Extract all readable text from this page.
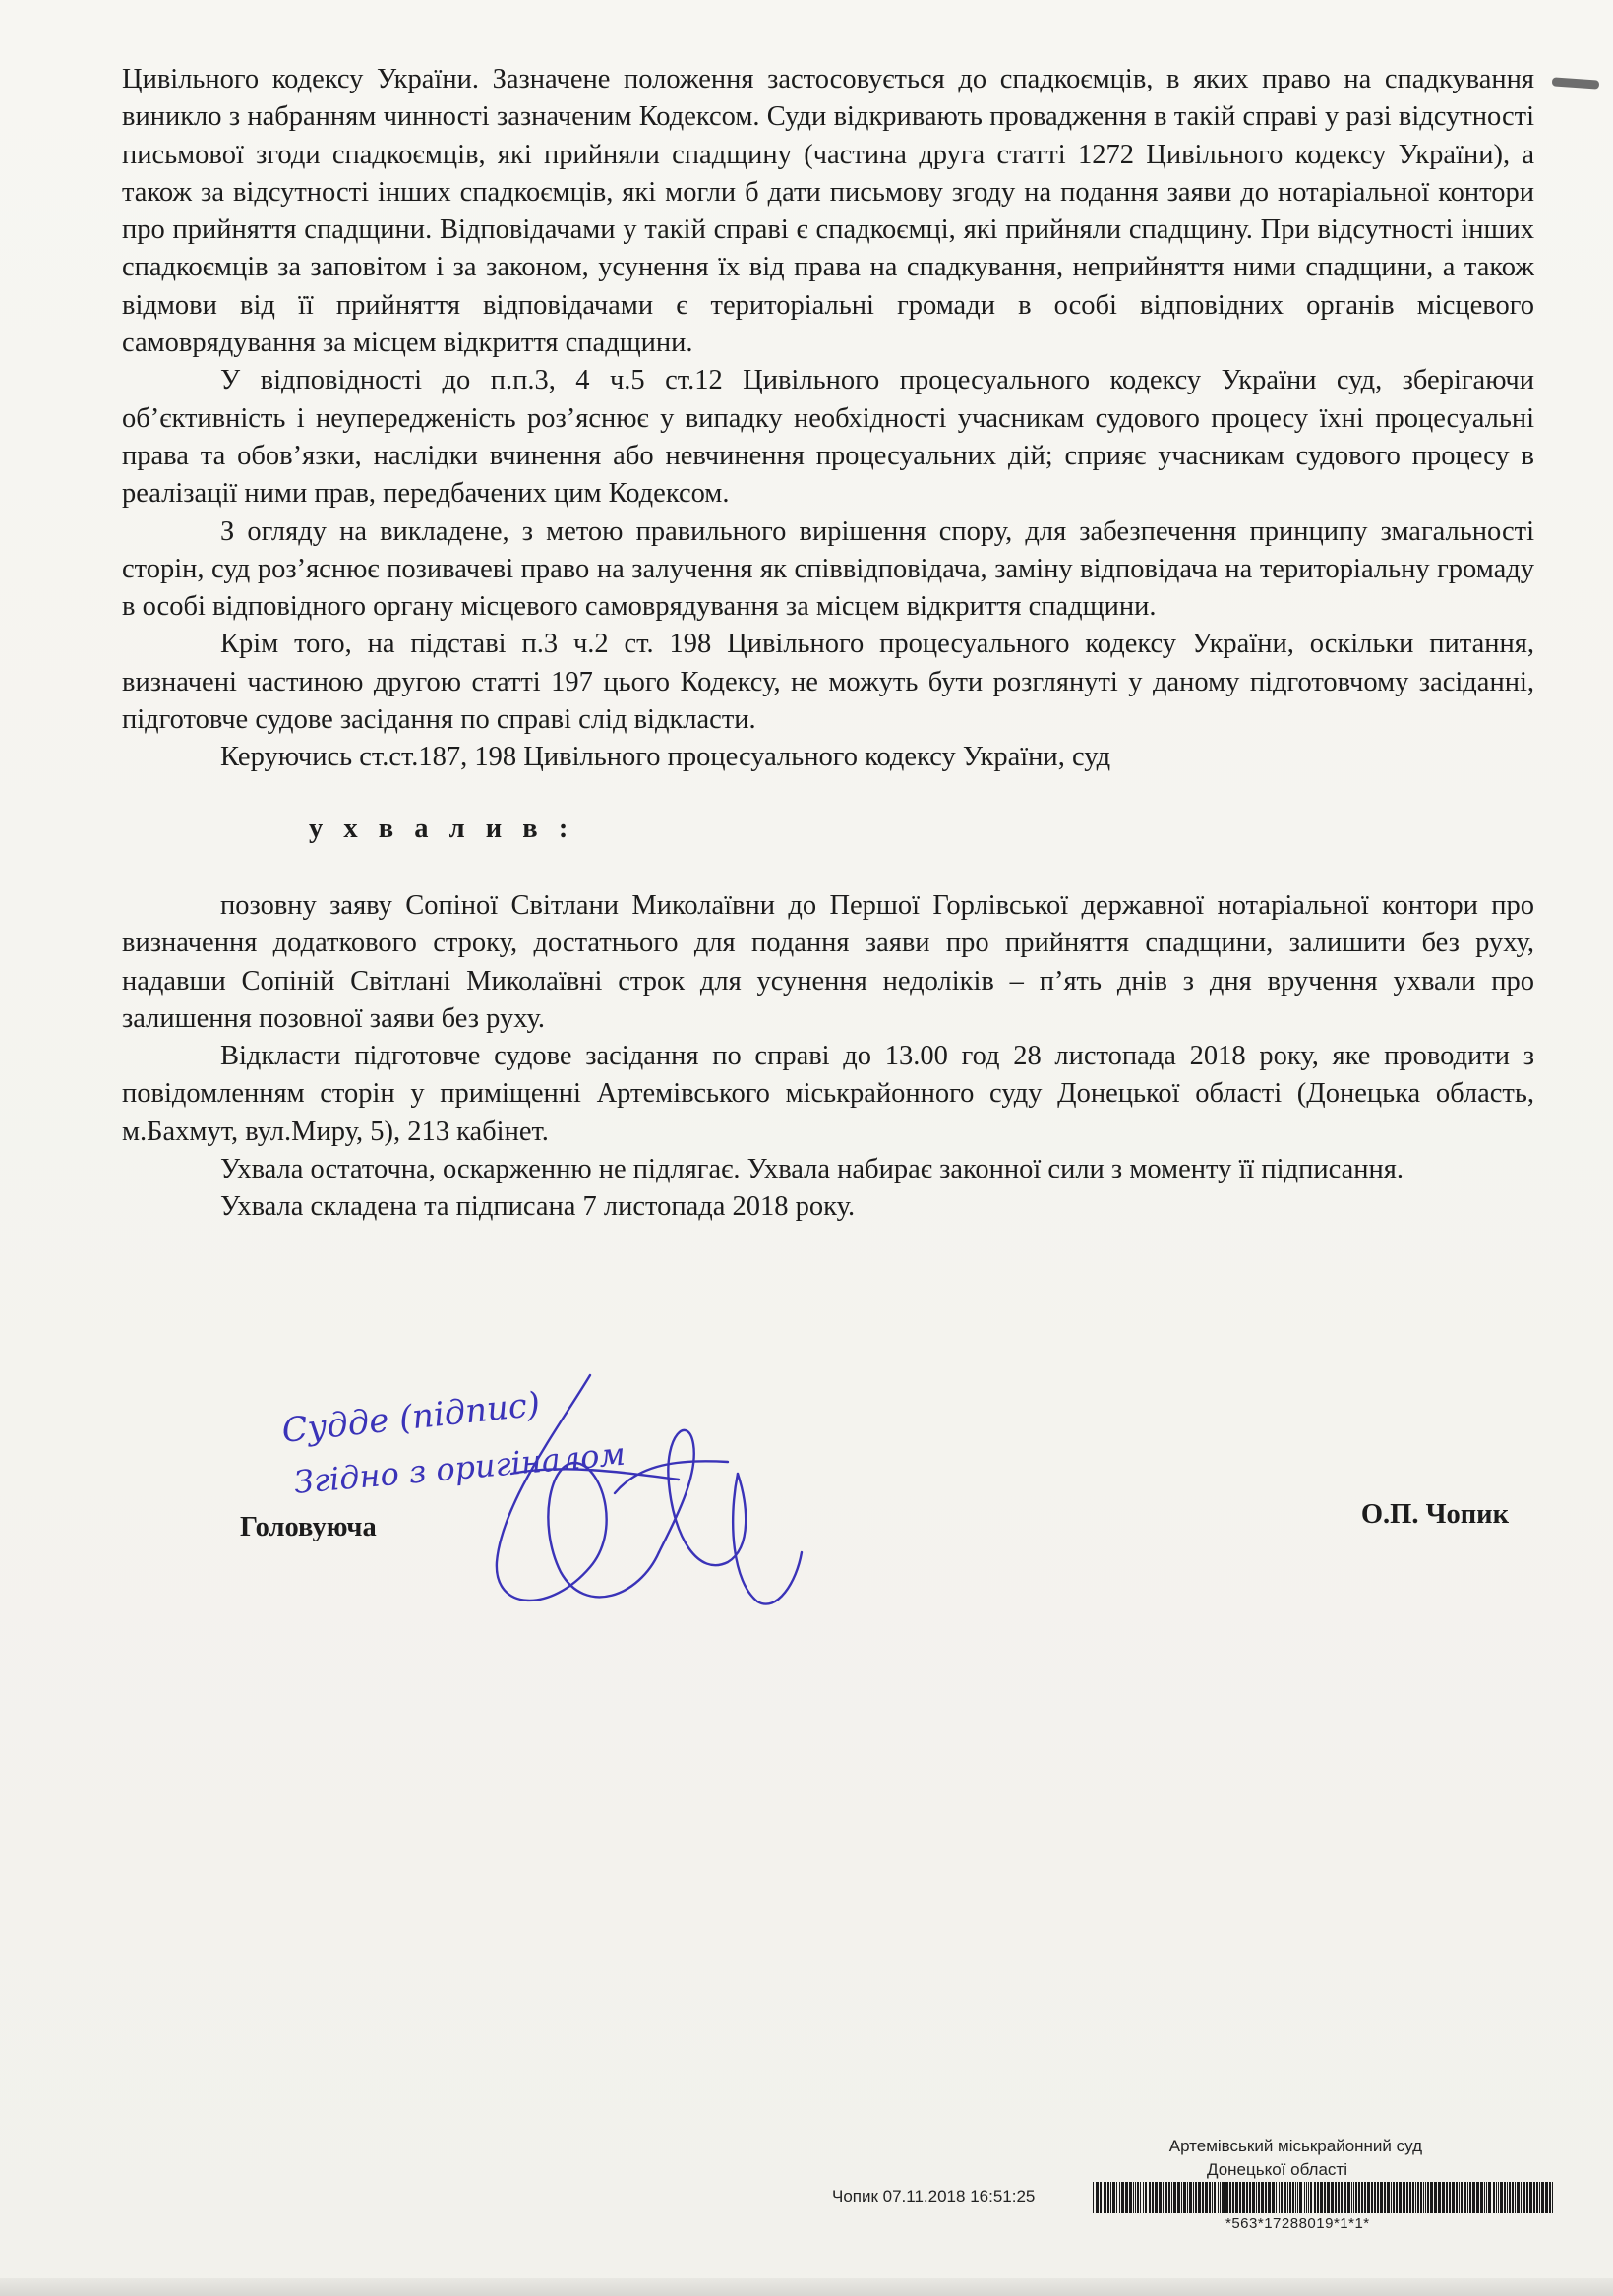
Цивільного кодексу України. Зазначене положення застосовується до спадкоємців, в яких право на спадкування виникло з набранням чинності зазначеним Кодексом. Суди відкривають провадження в такій справі у разі відсутності письмової згоди спадкоємців, які прийняли спадщину (частина друга статті 1272 Цивільного кодексу України), а також за відсутності інших спадкоємців, які могли б дати письмову згоду на подання заяви до нотаріальної контори про прийняття спадщини. Відповідачами у такій справі є спадкоємці, які прийняли спадщину. При відсутності інших спадкоємців за заповітом і за законом, усунення їх від права на спадкування, неприйняття ними спадщини, а також відмови від її прийняття відповідачами є територіальні громади в особі відповідних органів місцевого самоврядування за місцем відкриття спадщини.

У відповідності до п.п.3, 4 ч.5 ст.12 Цивільного процесуального кодексу України суд, зберігаючи об’єктивність і неупередженість роз’яснює у випадку необхідності учасникам судового процесу їхні процесуальні права та обов’язки, наслідки вчинення або невчинення процесуальних дій; сприяє учасникам судового процесу в реалізації ними прав, передбачених цим Кодексом.

З огляду на викладене, з метою правильного вирішення спору, для забезпечення принципу змагальності сторін, суд роз’яснює позивачеві право на залучення як співвідповідача, заміну відповідача на територіальну громаду в особі відповідного органу місцевого самоврядування за місцем відкриття спадщини.

Крім того, на підставі п.3 ч.2 ст. 198 Цивільного процесуального кодексу України, оскільки питання, визначені частиною другою статті 197 цього Кодексу, не можуть бути розглянуті у даному підготовчому засіданні, підготовче судове засідання по справі слід відкласти.

Керуючись ст.ст.187, 198 Цивільного процесуального кодексу України, суд

у х в а л и в :

позовну заяву Сопіної Світлани Миколаївни до Першої Горлівської державної нотаріальної контори про визначення додаткового строку, достатнього для подання заяви про прийняття спадщини, залишити без руху, надавши Сопіній Світлані Миколаївні строк для усунення недоліків – п’ять днів з дня вручення ухвали про залишення позовної заяви без руху.

Відкласти підготовче судове засідання по справі до 13.00 год 28 листопада 2018 року, яке проводити з повідомленням сторін у приміщенні Артемівського міськрайонного суду Донецької області (Донецька область, м.Бахмут, вул.Миру, 5), 213 кабінет.

Ухвала остаточна, оскарженню не підлягає. Ухвала набирає законної сили з моменту її підписання.

Ухвала складена та підписана 7 листопада 2018 року.

Головуюча	О.П. Чопик
Судде (підпис)
Згідно з оригіналом
Артемівський міськрайонний суд
Донецької області
Чопик 07.11.2018 16:51:25
*563*17288019*1*1*
